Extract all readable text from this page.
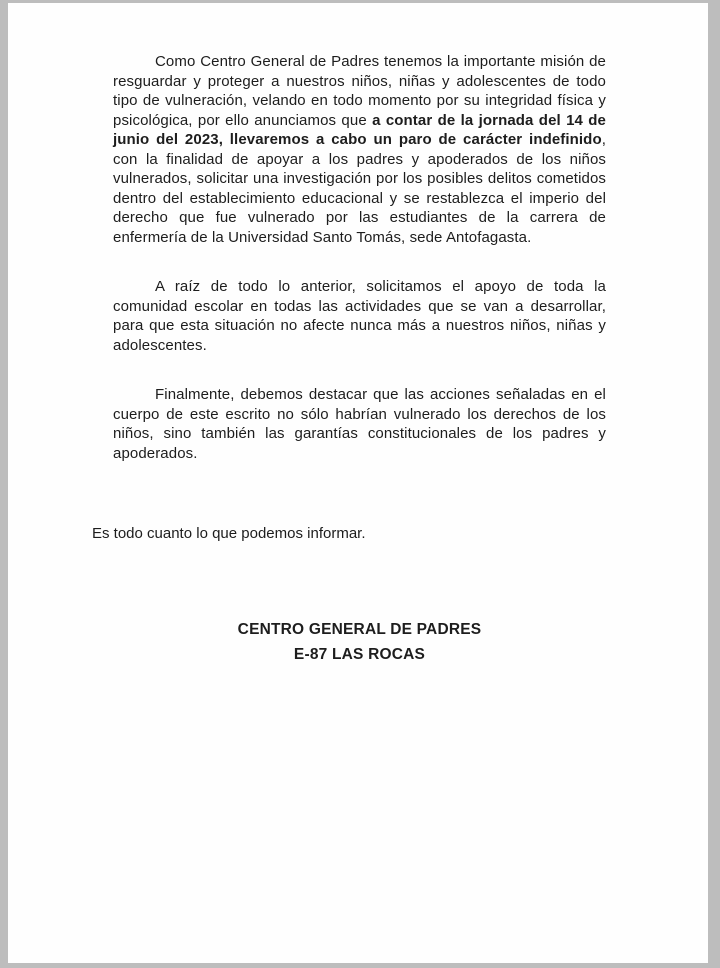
Como Centro General de Padres tenemos la importante misión de resguardar y proteger a nuestros niños, niñas y adolescentes de todo tipo de vulneración, velando en todo momento por su integridad física y psicológica, por ello anunciamos que a contar de la jornada del 14 de junio del 2023, llevaremos a cabo un paro de carácter indefinido, con la finalidad de apoyar a los padres y apoderados de los niños vulnerados, solicitar una investigación por los posibles delitos cometidos dentro del establecimiento educacional y se restablezca el imperio del derecho que fue vulnerado por las estudiantes de la carrera de enfermería de la Universidad Santo Tomás, sede Antofagasta.

A raíz de todo lo anterior, solicitamos el apoyo de toda la comunidad escolar en todas las actividades que se van a desarrollar, para que esta situación no afecte nunca más a nuestros niños, niñas y adolescentes.

Finalmente, debemos destacar que las acciones señaladas en el cuerpo de este escrito no sólo habrían vulnerado los derechos de los niños, sino también las garantías constitucionales de los padres y apoderados.

Es todo cuanto lo que podemos informar.

CENTRO GENERAL DE PADRES

E-87 LAS ROCAS
